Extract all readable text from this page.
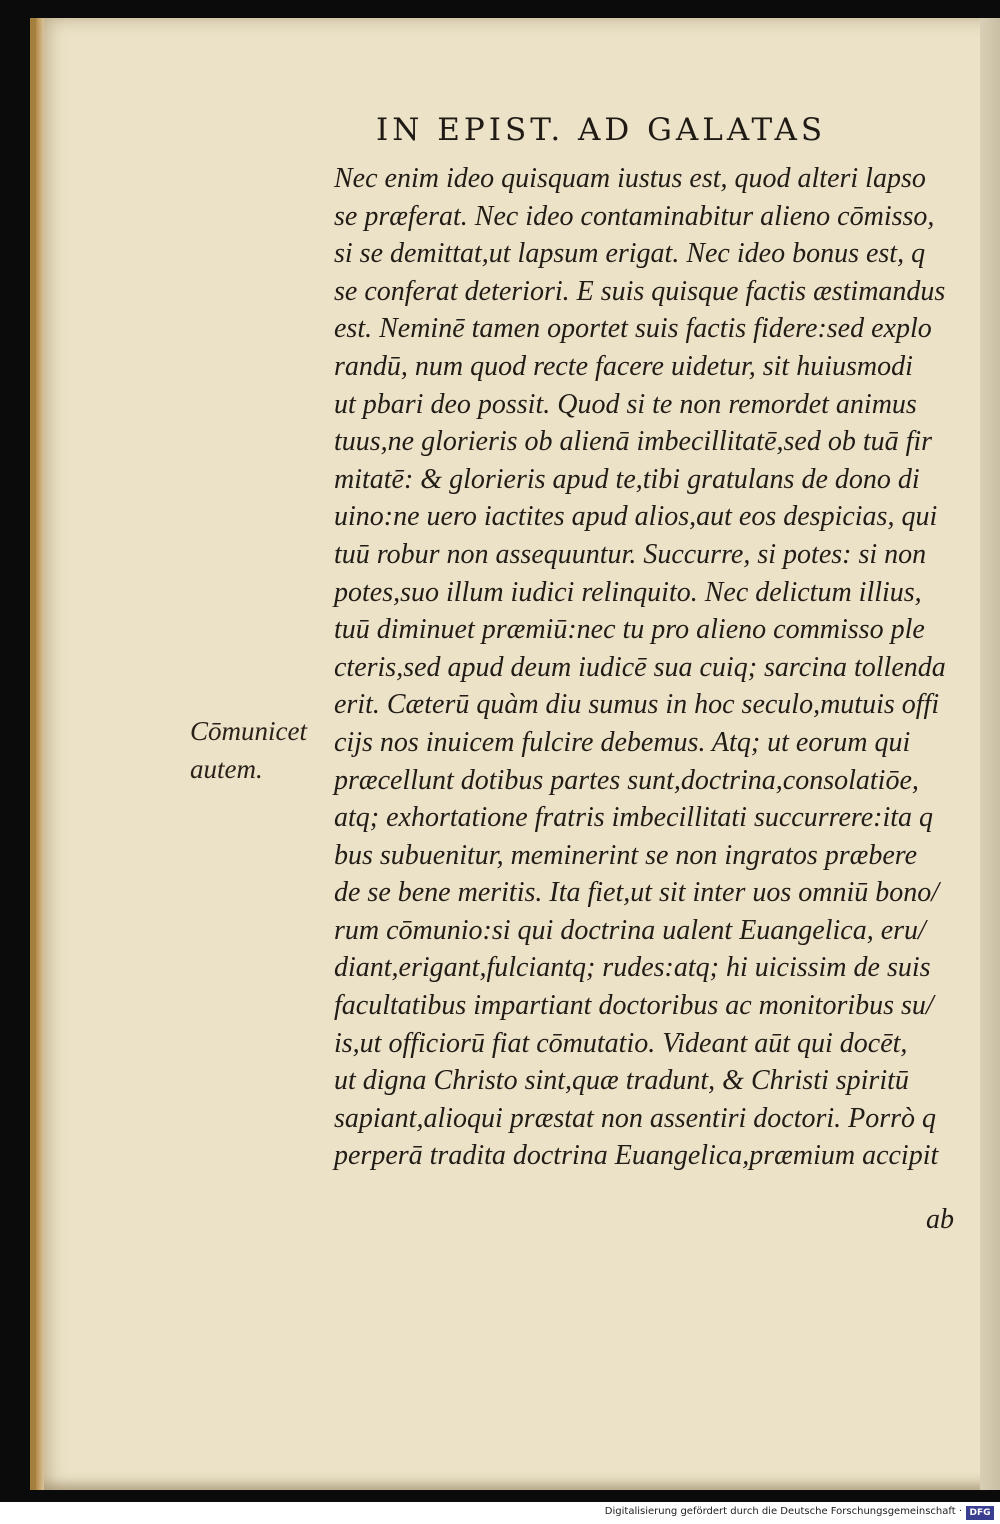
IN EPIST. AD GALATAS
Nec enim ideo quisquam iustus est, quod alteri lapso
se præferat. Nec ideo contaminabitur alieno cōmisso,
si se demittat,ut lapsum erigat. Nec ideo bonus est, q
se conferat deteriori. E suis quisque factis æstimandus
est. Neminē tamen oportet suis factis fidere:sed explo
randū, num quod recte facere uidetur, sit huiusmodi
ut pbari deo possit. Quod si te non remordet animus
tuus,ne glorieris ob alienā imbecillitatē,sed ob tuā fir
mitatē: & glorieris apud te,tibi gratulans de dono di
uino:ne uero iactites apud alios,aut eos despicias, qui
tuū robur non assequuntur. Succurre, si potes: si non
potes,suo illum iudici relinquito. Nec delictum illius,
tuū diminuet præmiū:nec tu pro alieno commisso ple
cteris,sed apud deum iudicē sua cuiq; sarcina tollenda
erit. Cæterū quàm diu sumus in hoc seculo,mutuis offi
cijs nos inuicem fulcire debemus. Atq; ut eorum qui
præcellunt dotibus partes sunt,doctrina,consolatiōe,
atq; exhortatione fratris imbecillitati succurrere:ita q
bus subuenitur, meminerint se non ingratos præbere
de se bene meritis. Ita fiet,ut sit inter uos omniū bono/
rum cōmunio:si qui doctrina ualent Euangelica, eru/
diant,erigant,fulciantq; rudes:atq; hi uicissim de suis
facultatibus impartiant doctoribus ac monitoribus su/
is,ut officiorū fiat cōmutatio. Videant aūt qui docēt,
ut digna Christo sint,quæ tradunt, & Christi spiritū
sapiant,alioqui præstat non assentiri doctori. Porrò q
perperā tradita doctrina Euangelica,præmium accipit
Cōmunicet
autem.
ab
Digitalisierung gefördert durch die Deutsche Forschungsgemeinschaft · DFG
